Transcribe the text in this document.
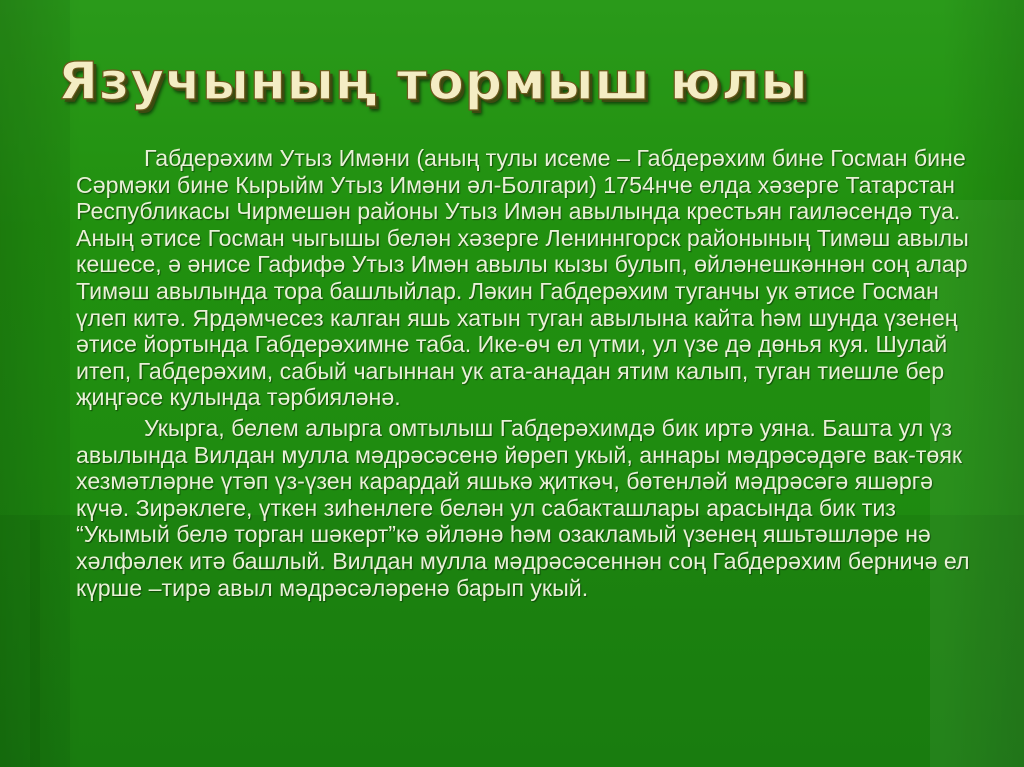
Язучының тормыш юлы

Габдерәхим Утыз Имәни (аның тулы исеме – Габдерәхим бине Госман бине Сәрмәки бине Кырыйм Утыз Имәни әл-Болгари) 1754нче елда хәзерге Татарстан Республикасы Чирмешән районы Утыз Имән авылында крестьян гаиләсендә туа. Аның әтисе Госман чыгышы белән хәзерге Лениннгорск районының Тимәш авылы кешесе, ә әнисе Гафифә Утыз Имән авылы кызы булып, өйләнешкәннән соң алар Тимәш авылында тора башлыйлар. Ләкин Габдерәхим туганчы ук әтисе Госман үлеп китә. Ярдәмчесез калган яшь хатын туган авылына кайта һәм шунда үзенең әтисе йортында Габдерәхимне таба. Ике-өч ел үтми, ул үзе дә дөнья куя. Шулай итеп, Габдерәхим, сабый чагыннан ук ата-анадан ятим калып, туган тиешле бер җиңгәсе кулында тәрбияләнә.

Укырга, белем алырга омтылыш Габдерәхимдә бик иртә уяна. Башта ул үз авылында Вилдан мулла мәдрәсәсенә йөреп укый, аннары мәдрәсәдәге вак-төяк хезмәтләрне үтәп үз-үзен карардай яшькә җиткәч, бөтенләй мәдрәсәгә яшәргә күчә. Зирәклеге, үткен зиһенлеге белән ул сабакташлары арасында бик тиз “Укымый белә торган шәкерт”кә әйләнә һәм озакламый үзенең яшьтәшләре нә хәлфәлек итә башлый. Вилдан мулла мәдрәсәсеннән соң Габдерәхим берничә ел күрше –тирә авыл мәдрәсәләренә барып укый.
